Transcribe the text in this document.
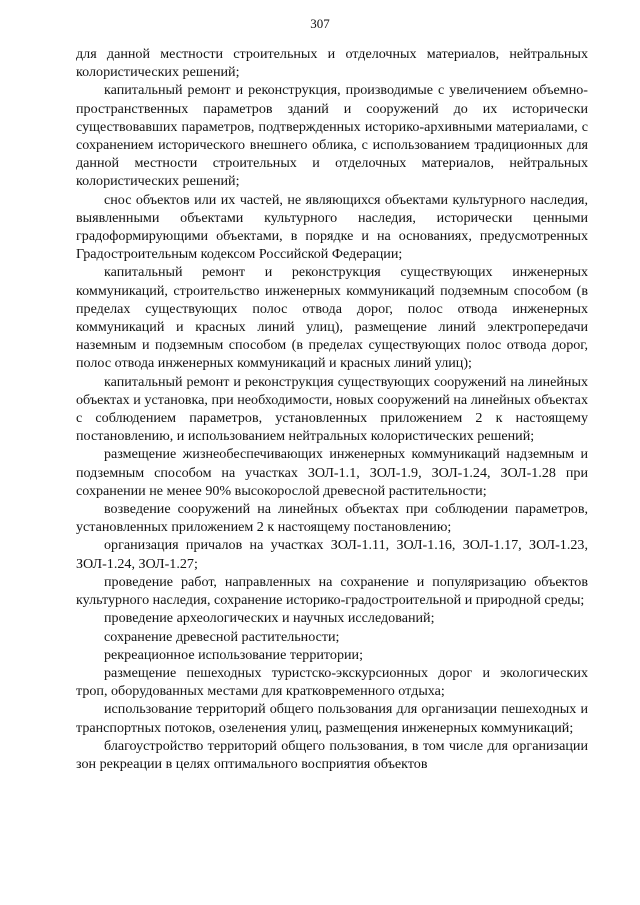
307

для данной местности строительных и отделочных материалов, нейтральных колористических решений;

капитальный ремонт и реконструкция, производимые с увеличением объемно-пространственных параметров зданий и сооружений до их исторически существовавших параметров, подтвержденных историко-архивными материалами, с сохранением исторического внешнего облика, с использованием традиционных для данной местности строительных и отделочных материалов, нейтральных колористических решений;

снос объектов или их частей, не являющихся объектами культурного наследия, выявленными объектами культурного наследия, исторически ценными градоформирующими объектами, в порядке и на основаниях, предусмотренных Градостроительным кодексом Российской Федерации;

капитальный ремонт и реконструкция существующих инженерных коммуникаций, строительство инженерных коммуникаций подземным способом (в пределах существующих полос отвода дорог, полос отвода инженерных коммуникаций и красных линий улиц), размещение линий электропередачи наземным и подземным способом (в пределах существующих полос отвода дорог, полос отвода инженерных коммуникаций и красных линий улиц);

капитальный ремонт и реконструкция существующих сооружений на линейных объектах и установка, при необходимости, новых сооружений на линейных объектах с соблюдением параметров, установленных приложением 2 к настоящему постановлению, и использованием нейтральных колористических решений;

размещение жизнеобеспечивающих инженерных коммуникаций надземным и подземным способом на участках ЗОЛ-1.1, ЗОЛ-1.9, ЗОЛ-1.24, ЗОЛ-1.28 при сохранении не менее 90% высокорослой древесной растительности;

возведение сооружений на линейных объектах при соблюдении параметров, установленных приложением 2 к настоящему постановлению;

организация причалов на участках ЗОЛ-1.11, ЗОЛ-1.16, ЗОЛ-1.17, ЗОЛ-1.23, ЗОЛ-1.24, ЗОЛ-1.27;

проведение работ, направленных на сохранение и популяризацию объектов культурного наследия, сохранение историко-градостроительной и природной среды;

проведение археологических и научных исследований;

сохранение древесной растительности;

рекреационное использование территории;

размещение пешеходных туристско-экскурсионных дорог и экологических троп, оборудованных местами для кратковременного отдыха;

использование территорий общего пользования для организации пешеходных и транспортных потоков, озеленения улиц, размещения инженерных коммуникаций;

благоустройство территорий общего пользования, в том числе для организации зон рекреации в целях оптимального восприятия объектов
